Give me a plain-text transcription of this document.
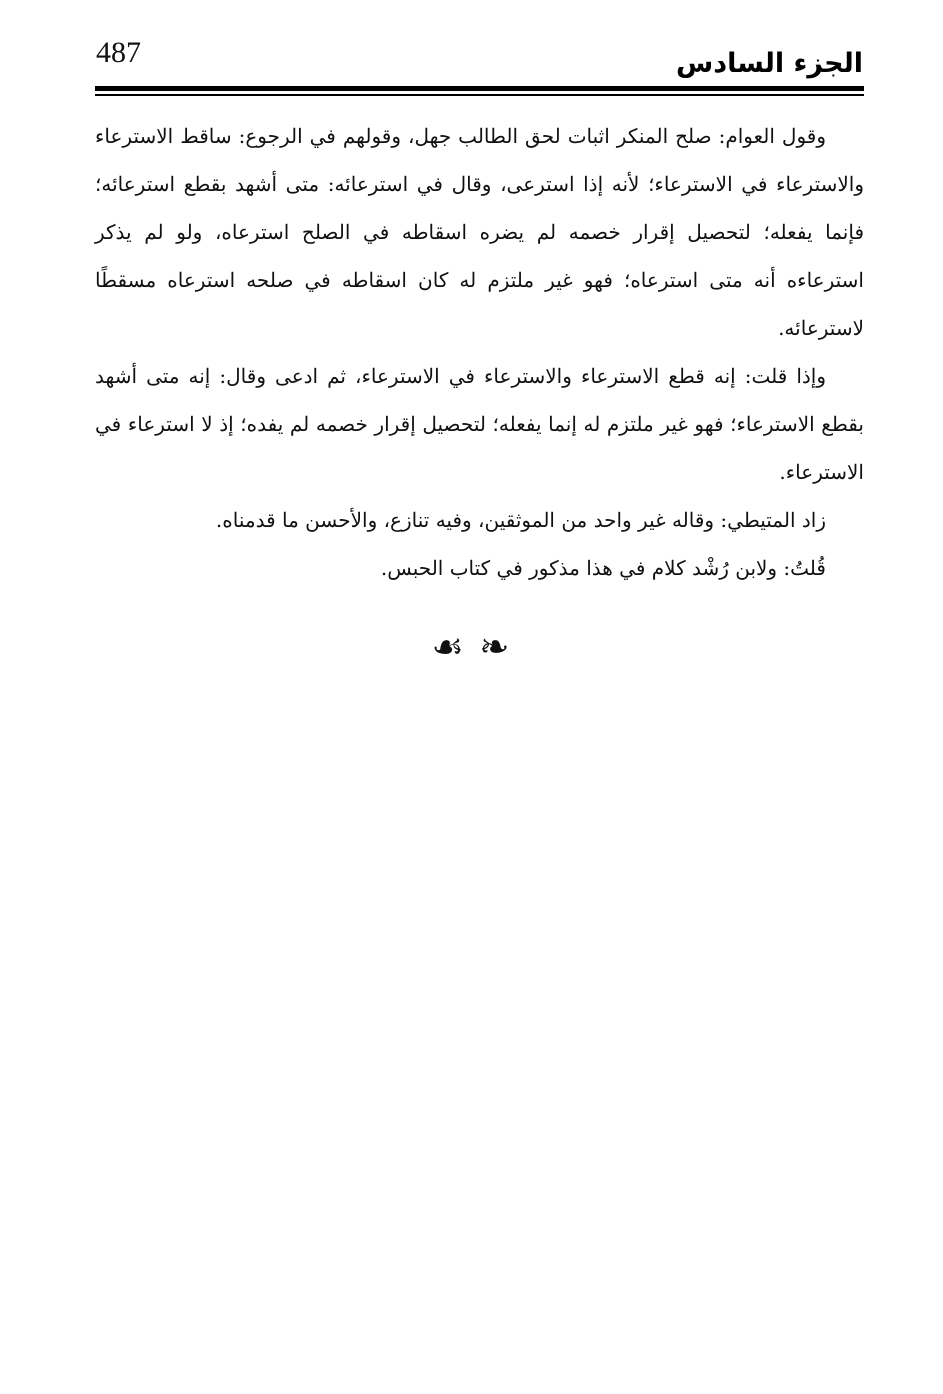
487	الجزء السادس

وقول العوام: صلح المنكر اثبات لحق الطالب جهل، وقولهم في الرجوع: ساقط الاسترعاء والاسترعاء في الاسترعاء؛ لأنه إذا استرعى، وقال في استرعائه: متى أشهد بقطع استرعائه؛ فإنما يفعله؛ لتحصيل إقرار خصمه لم يضره اسقاطه في الصلح استرعاه، ولو لم يذكر استرعاءه أنه متى استرعاه؛ فهو غير ملتزم له كان اسقاطه في صلحه استرعاه مسقطًا لاسترعائه.

وإذا قلت: إنه قطع الاسترعاء والاسترعاء في الاسترعاء، ثم ادعى وقال: إنه متى أشهد بقطع الاسترعاء؛ فهو غير ملتزم له إنما يفعله؛ لتحصيل إقرار خصمه لم يفده؛ إذ لا استرعاء في الاسترعاء.

زاد المتيطي: وقاله غير واحد من الموثقين، وفيه تنازع، والأحسن ما قدمناه.

قُلتُ: ولابن رُشْد كلام في هذا مذكور في كتاب الحبس.

☙ ❧
